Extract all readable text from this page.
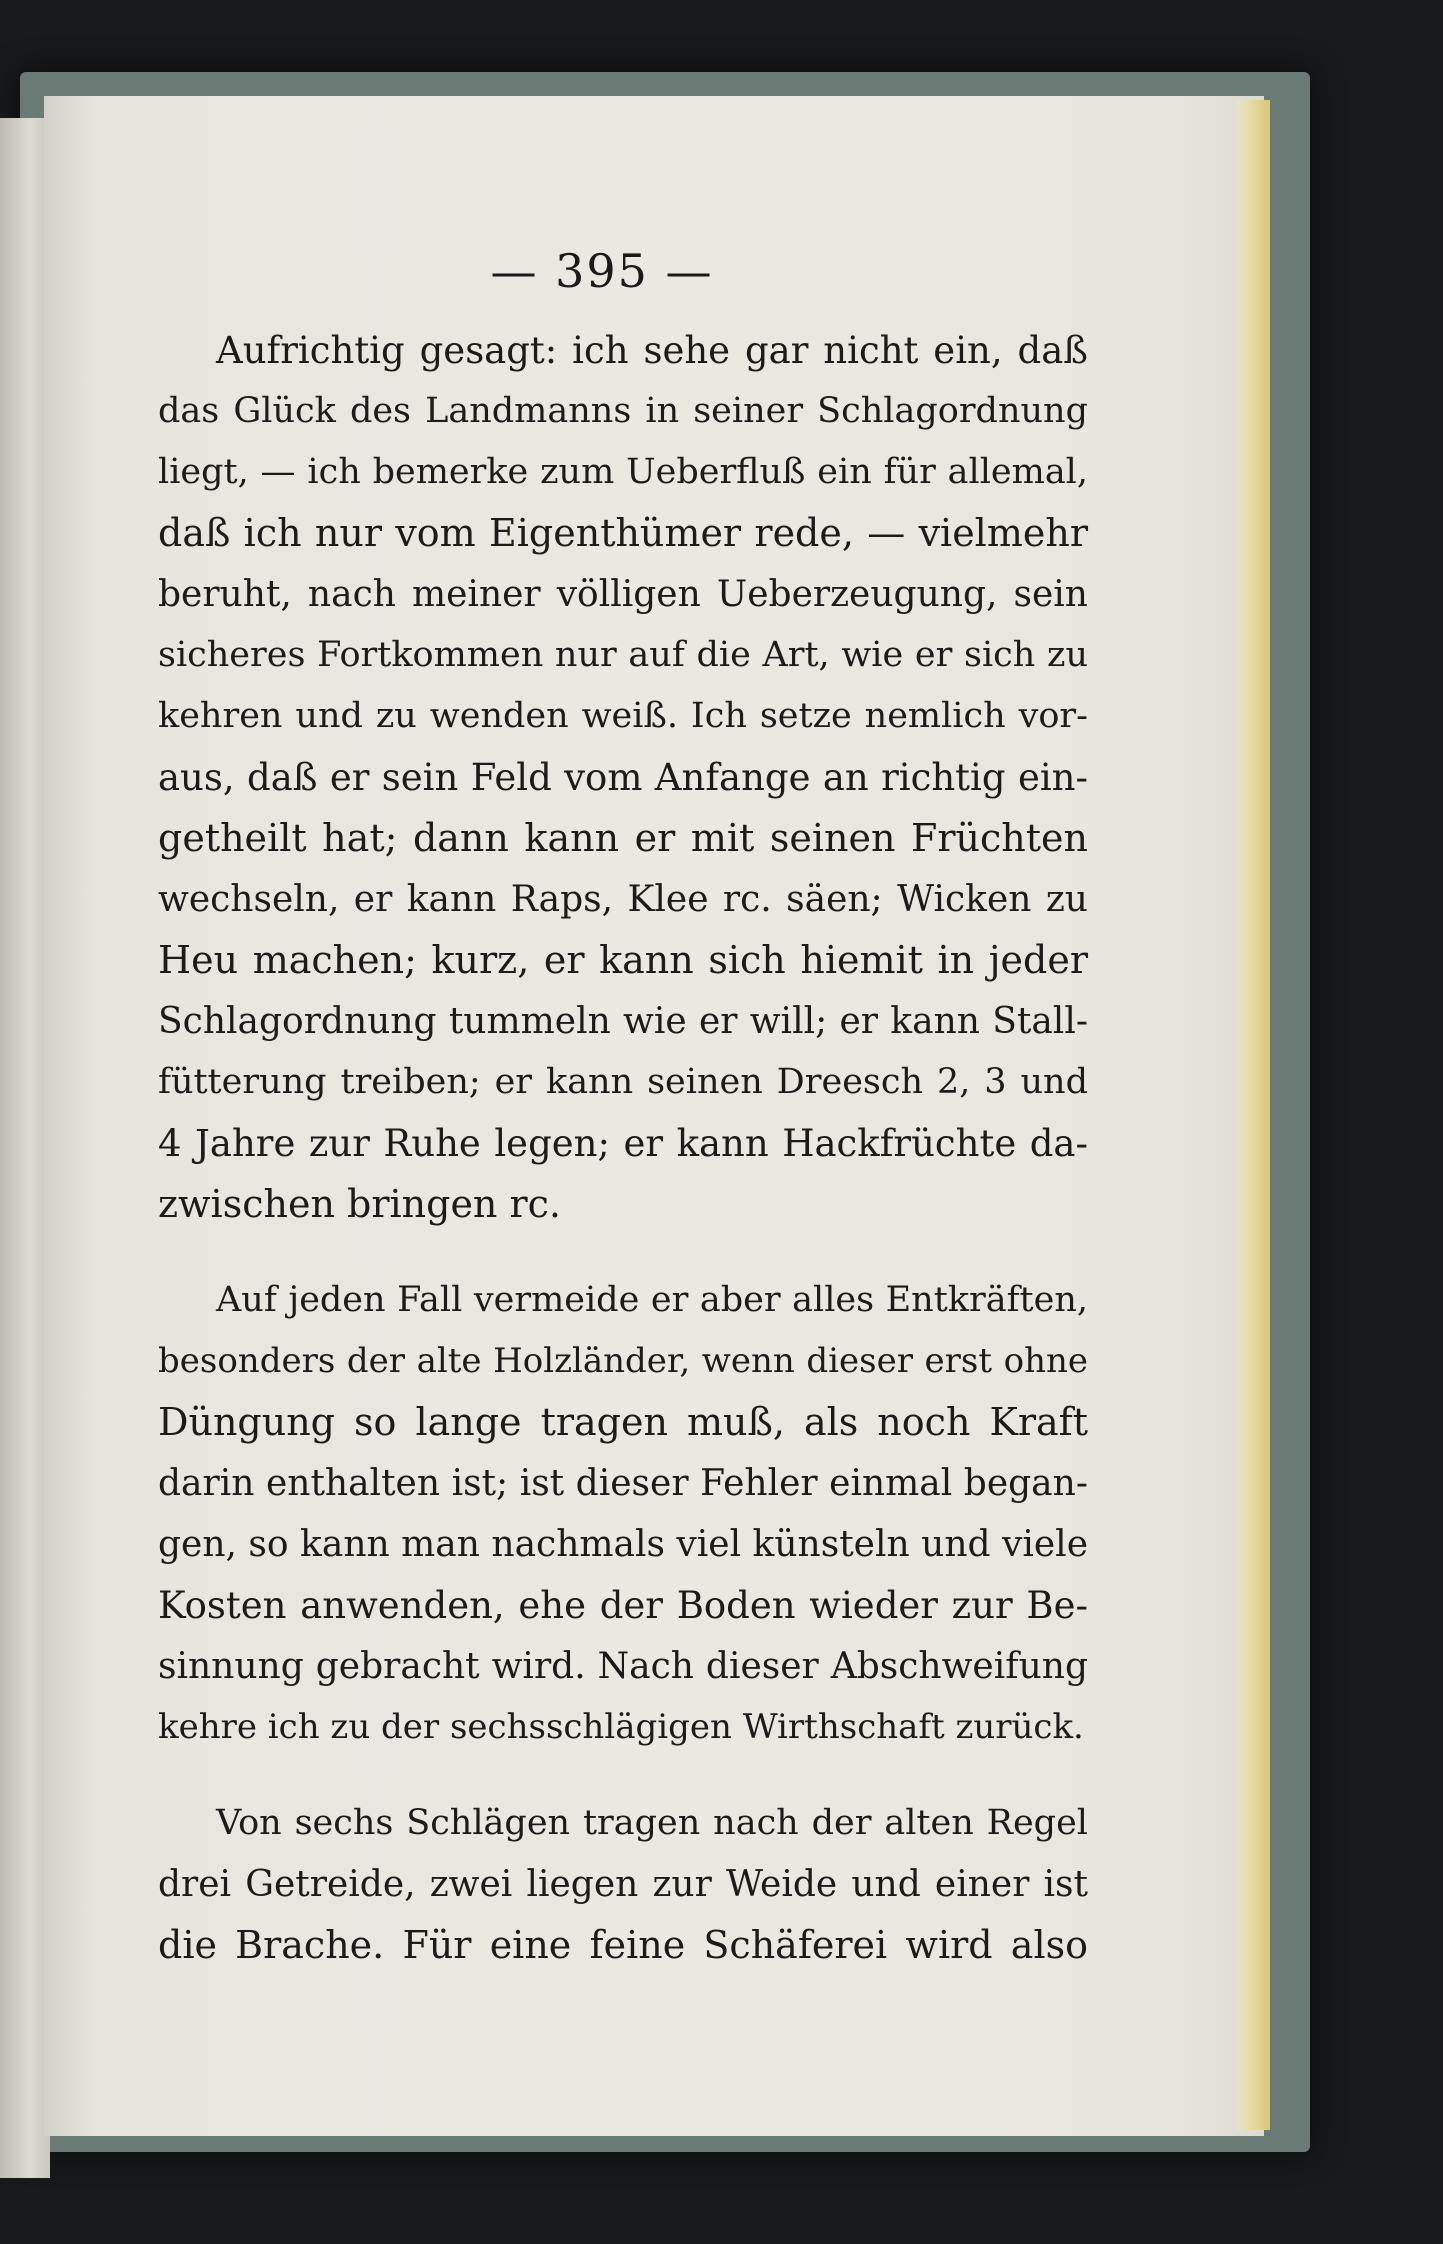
— 395 —
Aufrichtig gesagt: ich sehe gar nicht ein, daß
das Glück des Landmanns in seiner Schlagordnung
liegt, — ich bemerke zum Ueberfluß ein für allemal,
daß ich nur vom Eigenthümer rede, — vielmehr
beruht, nach meiner völligen Ueberzeugung, sein
sicheres Fortkommen nur auf die Art, wie er sich zu
kehren und zu wenden weiß. Ich setze nemlich vor-
aus, daß er sein Feld vom Anfange an richtig ein-
getheilt hat; dann kann er mit seinen Früchten
wechseln, er kann Raps, Klee rc. säen; Wicken zu
Heu machen; kurz, er kann sich hiemit in jeder
Schlagordnung tummeln wie er will; er kann Stall-
fütterung treiben; er kann seinen Dreesch 2, 3 und
4 Jahre zur Ruhe legen; er kann Hackfrüchte da-
zwischen bringen rc.
Auf jeden Fall vermeide er aber alles Entkräften,
besonders der alte Holzländer, wenn dieser erst ohne
Düngung so lange tragen muß, als noch Kraft
darin enthalten ist; ist dieser Fehler einmal began-
gen, so kann man nachmals viel künsteln und viele
Kosten anwenden, ehe der Boden wieder zur Be-
sinnung gebracht wird. Nach dieser Abschweifung
kehre ich zu der sechsschlägigen Wirthschaft zurück.
Von sechs Schlägen tragen nach der alten Regel
drei Getreide, zwei liegen zur Weide und einer ist
die Brache. Für eine feine Schäferei wird also
